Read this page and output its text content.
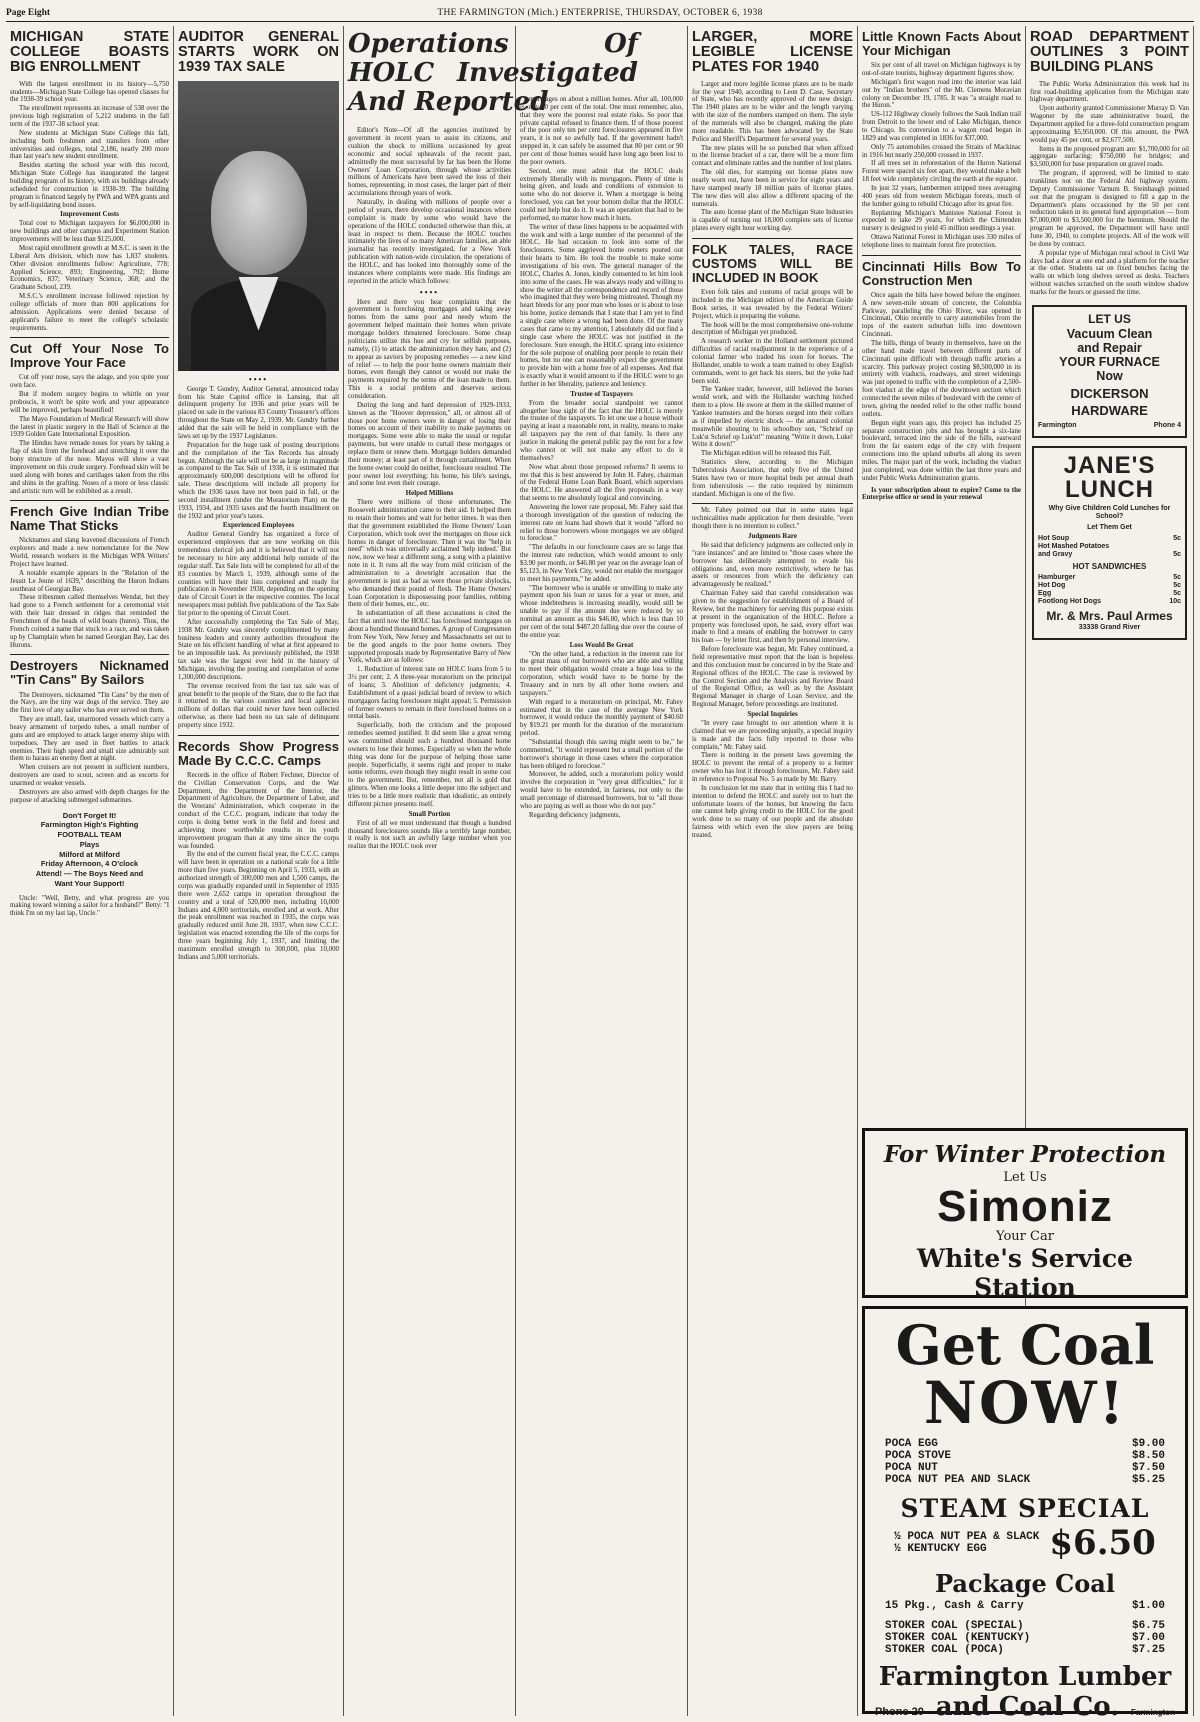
Page Eight	THE FARMINGTON (Mich.) ENTERPRISE, THURSDAY, OCTOBER 6, 1938
MICHIGAN STATE COLLEGE BOASTS BIG ENROLLMENT

With the largest enrollment in its history—5,750 students—Michigan State College has opened classes for the 1938-39 school year.

The enrollment represents an increase of 538 over the previous high registration of 5,212 students in the fall term of the 1937-38 school year.

New students at Michigan State College this fall, including both freshmen and transfers from other universities and colleges, total 2,186, nearly 200 more than last year's new student enrollment.

Besides starting the school year with this record, Michigan State College has inaugurated the largest building program of its history, with six buildings already scheduled for construction in 1938-39. The building program is financed largely by PWA and WPA grants and by self-liquidating bond issues.

Improvement Costs

Total cost to Michigan taxpayers for $6,000,000 in new buildings and other campus and Experiment Station improvements will be less than $125,000.

Most rapid enrollment growth at M.S.C. is seen in the Liberal Arts division, which now has 1,837 students. Other division enrollments follow: Agriculture, 778; Applied Science, 893; Engineering, 792; Home Economics, 837; Veterinary Science, 368; and the Graduate School, 239.

M.S.C.'s enrollment increase followed rejection by college officials of more than 800 applications for admission. Applications were denied because of applicant's failure to meet the college's scholastic requirements.

Cut Off Your Nose To Improve Your Face

Cut off your nose, says the adage, and you spite your own face.

But if modern surgery begins to whittle on your proboscis, it won't be spite work and your appearance will be improved, perhaps beautified!

The Mayo Foundation of Medical Research will show the latest in plastic surgery in the Hall of Science at the 1939 Golden Gate International Exposition.

The Hindus have remade noses for years by taking a flap of skin from the forehead and stretching it over the bony structure of the nose. Mayos will show a vast improvement on this crude surgery. Forehead skin will be used along with bones and cartilages taken from the ribs and shins in the grafting. Noses of a more or less classic and artistic turn will be exhibited as a result.

French Give Indian Tribe Name That Sticks

Nicknames and slang leavened discussions of French explorers and made a new nomenclature for the New World, research workers in the Michigan WPA Writers' Project have learned.

A notable example appears in the "Relation of the Jesuit Le Jeune of 1639," describing the Huron Indians southeast of Georgian Bay.

These tribesmen called themselves Wendat, but they had gone to a French settlement for a ceremonial visit with their hair dressed in ridges that reminded the Frenchmen of the heads of wild boars (hures). Thus, the French coined a name that stuck to a race, and was taken up by Champlain when he named Georgian Bay, Lac des Hurons.

Destroyers Nicknamed "Tin Cans" By Sailors

The Destroyers, nicknamed "Tin Cans" by the men of the Navy, are the tiny war dogs of the service. They are the first love of any sailor who has ever served on them.

They are small, fast, unarmored vessels which carry a heavy armament of torpedo tubes, a small number of guns and are employed to attack larger enemy ships with torpedoes. They are used in fleet battles to attack enemies. Their high speed and small size admirably suit them to harass an enemy fleet at night.

When cruisers are not present in sufficient numbers, destroyers are used to scout, screen and as escorts for unarmed or weaker vessels.

Destroyers are also armed with depth charges for the purpose of attacking submerged submarines.

Don't Forget It!
Farmington High's Fighting
FOOTBALL TEAM
Plays
Milford at Milford
Friday Afternoon, 4 O'clock
Attend! — The Boys Need and
Want Your Support!

Uncle: "Well, Betty, and what progress are you making toward winning a sailor for a husband?" Betty: "I think I'm on my last lap, Uncle."

AUDITOR GENERAL STARTS WORK ON 1939 TAX SALE
••••

George T. Gundry, Auditor General, announced today from his State Capitol office in Lansing, that all delinquent property for 1936 and prior years will be placed on sale in the various 83 County Treasurer's offices throughout the State on May 2, 1939. Mr. Gundry further added that the sale will be held in compliance with the laws set up by the 1937 Legislature.

Preparation for the huge task of posting descriptions and the compilation of the Tax Records has already begun. Although the sale will not be as large in magnitude as compared to the Tax Sale of 1938, it is estimated that approximately 600,000 descriptions will be offered for sale. These descriptions will include all property for which the 1936 taxes have not been paid in full, or the second installment (under the Moratorium Plan) on the 1933, 1934, and 1935 taxes and the fourth installment on the 1932 and prior year's taxes.

Experienced Employees

Auditor General Gundry has organized a force of experienced employees that are now working on this tremendous clerical job and it is believed that it will not be necessary to hire any additional help outside of the regular staff. Tax Sale lists will be completed for all of the 83 counties by March 1, 1939, although some of the counties will have their lists completed and ready for publication in November 1938, depending on the opening date of Circuit Court in the respective counties. The local newspapers must publish five publications of the Tax Sale list prior to the opening of Circuit Court.

After successfully completing the Tax Sale of May, 1938 Mr. Gundry was sincerely complimented by many business leaders and county authorities throughout the State on his efficient handling of what at first appeared to be an impossible task. As previously published, the 1938 tax sale was the largest ever held in the history of Michigan, involving the posting and compilation of some 1,300,000 descriptions.

The revenue received from the last tax sale was of great benefit to the people of the State, due to the fact that it returned to the various counties and local agencies millions of dollars that could never have been collected otherwise, as there had been no tax sale of delinquent property since 1932.

Records Show Progress Made By C.C.C. Camps

Records in the office of Robert Fechner, Director of the Civilian Conservation Corps, and the War Department, the Department of the Interior, the Department of Agriculture, the Department of Labor, and the Veterans' Administration, which cooperate in the conduct of the C.C.C. program, indicate that today the corps is doing better work in the field and forest and achieving more worthwhile results in its youth improvement program than at any time since the corps was founded.

By the end of the current fiscal year, the C.C.C. camps will have been in operation on a national scale for a little more than five years. Beginning on April 5, 1933, with an authorized strength of 300,000 men and 1,500 camps, the corps was gradually expanded until in September of 1935 there were 2,652 camps in operation throughout the country and a total of 520,000 men, including 10,000 Indians and 4,000 territorials, enrolled and at work. After the peak enrollment was reached in 1935, the corps was gradually reduced until June 28, 1937, when new C.C.C. legislation was enacted extending the life of the corps for three years beginning July 1, 1937, and limiting the maximum enrolled strength to 300,000, plus 10,000 Indians and 5,000 territorials.

Operations Of HOLC Investigated And Reported

Editor's Note—Of all the agencies instituted by government in recent years to assist its citizens, and cushion the shock to millions occasioned by great economic and social upheavals of the recent past, admittedly the most successful by far has been the Home Owners' Loan Corporation, through whose activities millions of Americans have been saved the loss of their homes, representing, in most cases, the larger part of their accumulations through years of work.

Naturally, in dealing with millions of people over a period of years, there develop occasional instances where complaint is made by some who would have the operations of the HOLC conducted otherwise than this, at least in respect to them. Because the HOLC touches intimately the lives of so many American families, an able journalist has recently investigated, for a New York publication with nation-wide circulation, the operations of the HOLC, and has looked into thoroughly some of the instances where complaints were made. His findings are reported in the article which follows:

••••

Here and there you hear complaints that the government is foreclosing mortgages and taking away homes from the same poor and needy whom the government helped maintain their homes when private mortgage holders threatened foreclosure. Some cheap politicians utilize this hue and cry for selfish purposes, namely, (1) to attack the administration they hate, and (2) to appear as saviors by proposing remedies — a new kind of relief — to help the poor home owners maintain their homes, even though they cannot or would not make the payments required by the terms of the loan made to them. This is a social problem and deserves serious consideration.

During the long and hard depression of 1929-1933, known as the "Hoover depression," all, or almost all of those poor home owners were in danger of losing their homes on account of their inability to make payments on mortgages. Some were able to make the usual or regular payments, but were unable to curtail these mortgages or replace them or renew them. Mortgage holders demanded their money; at least part of it through curtailment. When the home owner could do neither, foreclosure resulted. The poor owner lost everything; his home, his life's savings, and some lost even their courage.

Helped Millions

There were millions of those unfortunates. The Roosevelt administration came to their aid. It helped them to retain their homes and wait for better times. It was then that the government established the Home Owners' Loan Corporation, which took over the mortgages on those sick homes in danger of foreclosure. Then it was the "help in need" which was universally acclaimed 'help indeed.' But now, now we hear a different song, a song with a plaintive note in it. It runs all the way from mild criticism of the administration to a downright accusation that the government is just as bad as were those private shylocks, who demanded their pound of flesh. The Home Owners' Loan Corporation is dispossessing poor families, robbing them of their homes, etc., etc.

In substantiation of all these accusations is cited the fact that until now the HOLC has foreclosed mortgages on about a hundred thousand homes. A group of Congressmen from New York, New Jersey and Massachusetts set out to be the good angels to the poor home owners. They supported proposals made by Representative Barry of New York, which are as follows:

1. Reduction of interest rate on HOLC loans from 5 to 3½ per cent; 2. A three-year moratorium on the principal of loans; 3. Abolition of deficiency judgments; 4. Establishment of a quasi judicial board of review to which mortgagors facing foreclosure might appeal; 5. Permission of former owners to remain in their foreclosed homes on a rental basis.

Superficially, both the criticism and the proposed remedies seemed justified. It did seem like a great wrong was committed should such a hundred thousand home owners to lose their homes. Especially so when the whole thing was done for the purpose of helping those same people. Superficially, it seems right and proper to make some reforms, even though they might result in some cost to the government. But, remember, not all is gold that glitters. When one looks a little deeper into the subject and tries to be a little more realistic than idealistic, an entirely different picture presents itself.

Small Portion

First of all we must understand that though a hundred thousand foreclosures sounds like a terribly large number, it really is not such an awfully large number when you realize that the HOLC took over

mortgages on about a million homes. After all, 100,000 is only 10 per cent of the total. One must remember, also, that they were the poorest real estate risks. So poor that private capital refused to finance them. If of those poorest of the poor only ten per cent foreclosures appeared in five years, it is not so awfully bad. If the government hadn't stepped in, it can safely be assumed that 80 per cent or 90 per cent of those homes would have long ago been lost to the poor owners.

Second, one must admit that the HOLC deals extremely liberally with its mortgagors. Plenty of time is being given, and loads and conditions of extension to some who do not deserve it. When a mortgage is being foreclosed, you can bet your bottom dollar that the HOLC could not help but do it. It was an operation that had to be performed, no matter how much it hurts.

The writer of these lines happens to be acquainted with the work and with a large number of the personnel of the HOLC. He had occasion to look into some of the foreclosures. Some aggrieved home owners poured out their hearts to him. He took the trouble to make some investigations of his own. The general manager of the HOLC, Charles A. Jones, kindly consented to let him look into some of the cases. He was always ready and willing to show the writer all the correspondence and record of those who imagined that they were being mistreated. Though my heart bleeds for any poor man who loses or is about to lose his home, justice demands that I state that I am yet to find a single case where a wrong had been done. Of the many cases that came to my attention, I absolutely did not find a single case where the HOLC was not justified in the foreclosure. Sure enough, the HOLC sprang into existence for the sole purpose of enabling poor people to retain their homes, but no one can reasonably expect the government to provide him with a home free of all expenses. And that is exactly what it would amount to if the HOLC were to go further in her liberality, patience and leniency.

Trustee of Taxpayers

From the broader social standpoint we cannot altogether lose sight of the fact that the HOLC is merely the trustee of the taxpayers. To let one use a house without paying at least a reasonable rent, in reality, means to make all taxpayers pay the rent of that family. Is there any justice in making the general public pay the rent for a few who cannot or will not make any effort to do it themselves?

Now what about those proposed reforms? It seems to me that this is best answered by John H. Fahey, chairman of the Federal Home Loan Bank Board, which supervises the HOLC. He answered all the five proposals in a way that seems to me absolutely logical and convincing.

Answering the lower rate proposal, Mr. Fahey said that a thorough investigation of the question of reducing the interest rate on loans had shown that it would "afford no relief to those borrowers whose mortgages we are obliged to foreclose."

"The defaults in our foreclosure cases are so large that the interest rate reduction, which would amount to only $3.90 per month, or $46.80 per year on the average loan of $5,123, in New York City, would not enable the mortgagor to meet his payments," he added.

"The borrower who is unable or unwilling to make any payment upon his loan or taxes for a year or more, and whose indebtedness is increasing steadily, would still be unable to pay if the amount due were reduced by so nominal an amount as this $46.80, which is less than 10 per cent of the total $487.20 falling due over the course of the entire year.

Loss Would Be Great

"On the other hand, a reduction in the interest rate for the great mass of our borrowers who are able and willing to meet their obligation would create a huge loss to the corporation, which would have to be borne by the Treasury and in turn by all other home owners and taxpayers."

With regard to a moratorium on principal, Mr. Fahey estimated that in the case of the average New York borrower, it would reduce the monthly payment of $40.60 by $19.21 per month for the duration of the moratorium period.

"Substantial though this saving might seem to be," he commented, "it would represent but a small portion of the borrower's shortage in those cases where the corporation has been obliged to foreclose."

Moreover, he added, such a moratorium policy would involve the corporation in "very great difficulties," for it would have to be extended, in fairness, not only to the small percentage of distressed borrowers, but to "all those who are paying as well as those who do not pay."

Regarding deficiency judgments,

LARGER, MORE LEGIBLE LICENSE PLATES FOR 1940

Larger and more legible license plates are to be made for the year 1940, according to Leon D. Case, Secretary of State, who has recently approved of the new design. The 1940 plates are to be wider and the length varying with the size of the numbers stamped on them. The style of the numerals will also be changed, making the plate more readable. This has been advocated by the State Police and Sheriff's Department for several years.

The new plates will be so punched that when affixed to the license bracket of a car, there will be a more firm contact and eliminate rattles and the number of lost plates.

The old dies, for stamping out license plates now nearly worn out, have been in service for eight years and have stamped nearly 18 million pairs of license plates. The new dies will also allow a different spacing of the numerals.

The auto license plant of the Michigan State Industries is capable of turning out 18,000 complete sets of license plates every eight hour working day.

FOLK TALES, RACE CUSTOMS WILL BE INCLUDED IN BOOK

Even folk tales and customs of racial groups will be included in the Michigan edition of the American Guide Book series, it was revealed by the Federal Writers' Project, which is preparing the volume.

The book will be the most comprehensive one-volume description of Michigan yet produced.

A research worker in the Holland settlement pictured difficulties of racial readjustment in the experience of a colonial farmer who traded his oxen for horses. The Hollander, unable to work a team trained to obey English commands, went to get back his steers, but the yoke had been sold.

The Yankee trader, however, still believed the horses would work, and with the Hollander watching hitched them to a plow. He swore at them in the skilled manner of Yankee teamsters and the horses surged into their collars as if impelled by electric shock — the amazed colonial meanwhile shouting to his schoolboy son, "Schrief op Luk'st Schrief op Luk'st!" meaning "Write it down, Luke! Write it down!"

The Michigan edition will be released this Fall.

Statistics show, according to the Michigan Tuberculosis Association, that only five of the United States have two or more hospital beds per annual death from tuberculosis — the ratio required by minimum standard. Michigan is one of the five.

Mr. Fahey pointed out that in some states legal technicalities made application for them desirable, "even though there is no intention to collect."

Judgments Rare

He said that deficiency judgments are collected only in "rare instances" and are limited to "those cases where the borrower has deliberately attempted to evade his obligations and, even more restrictively, where he has assets or resources from which the deficiency can advantageously be realized."

Chairman Fahey said that careful consideration was given to the suggestion for establishment of a Board of Review, but the machinery for serving this purpose exists at present in the organization of the HOLC. Before a property was foreclosed upon, he said, every effort was made to find a means of enabling the borrower to carry his loan — by letter first, and then by personal interview.

Before foreclosure was begun, Mr. Fahey continued, a field representative must report that the loan is hopeless and this conclusion must be concurred in by the State and Regional offices of the HOLC. The case is reviewed by the Control Section and the Analysis and Review Board of the Regional Office, as well as by the Assistant Regional Manager in charge of Loan Service, and the Regional Manager, before proceedings are instituted.

Special Inquiries

"In every case brought to our attention where it is claimed that we are proceeding unjustly, a special inquiry is made and the facts fully reported to those who complain," Mr. Fahey said.

There is nothing in the present laws governing the HOLC to prevent the rental of a property to a former owner who has lost it through foreclosure, Mr. Fahey said in reference to Proposal No. 5 as made by Mr. Barry.

In conclusion let me state that in writing this I had no intention to defend the HOLC and surely not to hurt the unfortunate losers of the homes, but knowing the facts one cannot help giving credit to the HOLC for the good work done to so many of our people and the absolute fairness with which even the slow payers are being treated.

Little Known Facts About Your Michigan

Six per cent of all travel on Michigan highways is by out-of-state tourists, highway department figures show.

Michigan's first wagon road into the interior was laid out by "Indian brothers" of the Mt. Clemens Moravian colony on December 19, 1785. It was "a straight road to the Huron."

US-112 Highway closely follows the Sauk Indian trail from Detroit to the lower end of Lake Michigan, thence to Chicago. Its conversion to a wagon road began in 1829 and was completed in 1836 for $37,000.

Only 75 automobiles crossed the Straits of Mackinac in 1916 but nearly 250,000 crossed in 1937.

If all trees set in reforestation of the Huron National Forest were spaced six feet apart, they would make a belt 18 feet wide completely circling the earth at the equator.

In just 32 years, lumbermen stripped trees averaging 400 years old from western Michigan forests, much of the lumber going to rebuild Chicago after its great fire.

Replanting Michigan's Manistee National Forest is expected to take 29 years, for which the Chittenden nursery is designed to yield 45 million seedlings a year.

Ottawa National Forest in Michigan uses 330 miles of telephone lines to maintain forest fire protection.

Cincinnati Hills Bow To Construction Men

Once again the hills have bowed before the engineer. A new seven-mile stream of concrete, the Columbia Parkway, paralleling the Ohio River, was opened in Cincinnati, Ohio recently to carry automobiles from the tops of the eastern suburban hills into downtown Cincinnati.

The hills, things of beauty in themselves, have on the other hand made travel between different parts of Cincinnati quite difficult with through traffic arteries a scarcity. This parkway project costing $8,500,000 in its entirety with viaducts, roadways, and street widenings was just opened to traffic with the completion of a 2,500-foot viaduct at the edge of the downtown section which connected the seven miles of boulevard with the center of town, giving the needed relief to the other traffic bound outlets.

Begun eight years ago, this project has included 25 separate construction jobs and has brought a six-lane boulevard, terraced into the side of the hills, eastward from the far eastern edge of the city with frequent connections into the upland suburbs all along its seven miles. The major part of the work, including the viaduct just completed, was done within the last three years and under Public Works Administration grants.

Is your subscription about to expire? Come to the Enterprise office or send in your renewal

ROAD DEPARTMENT OUTLINES 3 POINT BUILDING PLANS

The Public Works Administration this week had its first road-building application from the Michigan state highway department.

Upon authority granted Commissioner Murray D. Van Wagoner by the state administrative board, the Department applied for a three-fold construction program approximating $5,950,000. Of this amount, the PWA would pay 45 per cent, or $2,677,500.

Items in the proposed program are: $1,700,000 for oil aggregate surfacing; $750,000 for bridges; and $3,500,000 for base preparation on gravel roads.

The program, if approved, will be limited to state trunklines not on the Federal Aid highway system. Deputy Commissioner Varnum B. Steinbaugh pointed out that the program is designed to fill a gap in the Department's plans occasioned by the 50 per cent reduction taken in its general fund appropriation — from $7,000,000 to $3,500,000 for the biennium. Should the program be approved, the Department will have until June 30, 1940, to complete projects. All of the work will be done by contract.

A popular type of Michigan rural school in Civil War days had a door at one end and a platform for the teacher at the other. Students sat on fixed benches facing the walls on which long shelves served as desks. Teachers without watches scratched on the south window shadow marks for the hours or guessed the time.

LET US
Vacuum Clean
and Repair
YOUR FURNACE
Now
DICKERSON
HARDWARE
Farmington	Phone 4
JANE'S LUNCH
Why Give Children Cold Lunches for School?
Let Them Get
Hot Soup	5c
Hot Mashed Potatoes
and Gravy	5c
HOT SANDWICHES
Hamburger	5c
Hot Dog	5c
Egg	5c
Footlong Hot Dogs	10c
Mr. & Mrs. Paul Armes
33338 Grand River
For Winter Protection
Let Us
Simoniz
Your Car
White's Service Station
Get Coal
NOW!
POCA EGG	$9.00
POCA STOVE	$8.50
POCA NUT	$7.50
POCA NUT PEA AND SLACK	$5.25
STEAM SPECIAL
½ POCA NUT PEA & SLACK
½ KENTUCKY EGG	$6.50
Package Coal
15 Pkg., Cash & Carry	$1.00
STOKER COAL (SPECIAL)	$6.75
STOKER COAL (KENTUCKY)	$7.00
STOKER COAL (POCA)	$7.25
Farmington Lumber
Phone 20 and Coal Co. Farmington
